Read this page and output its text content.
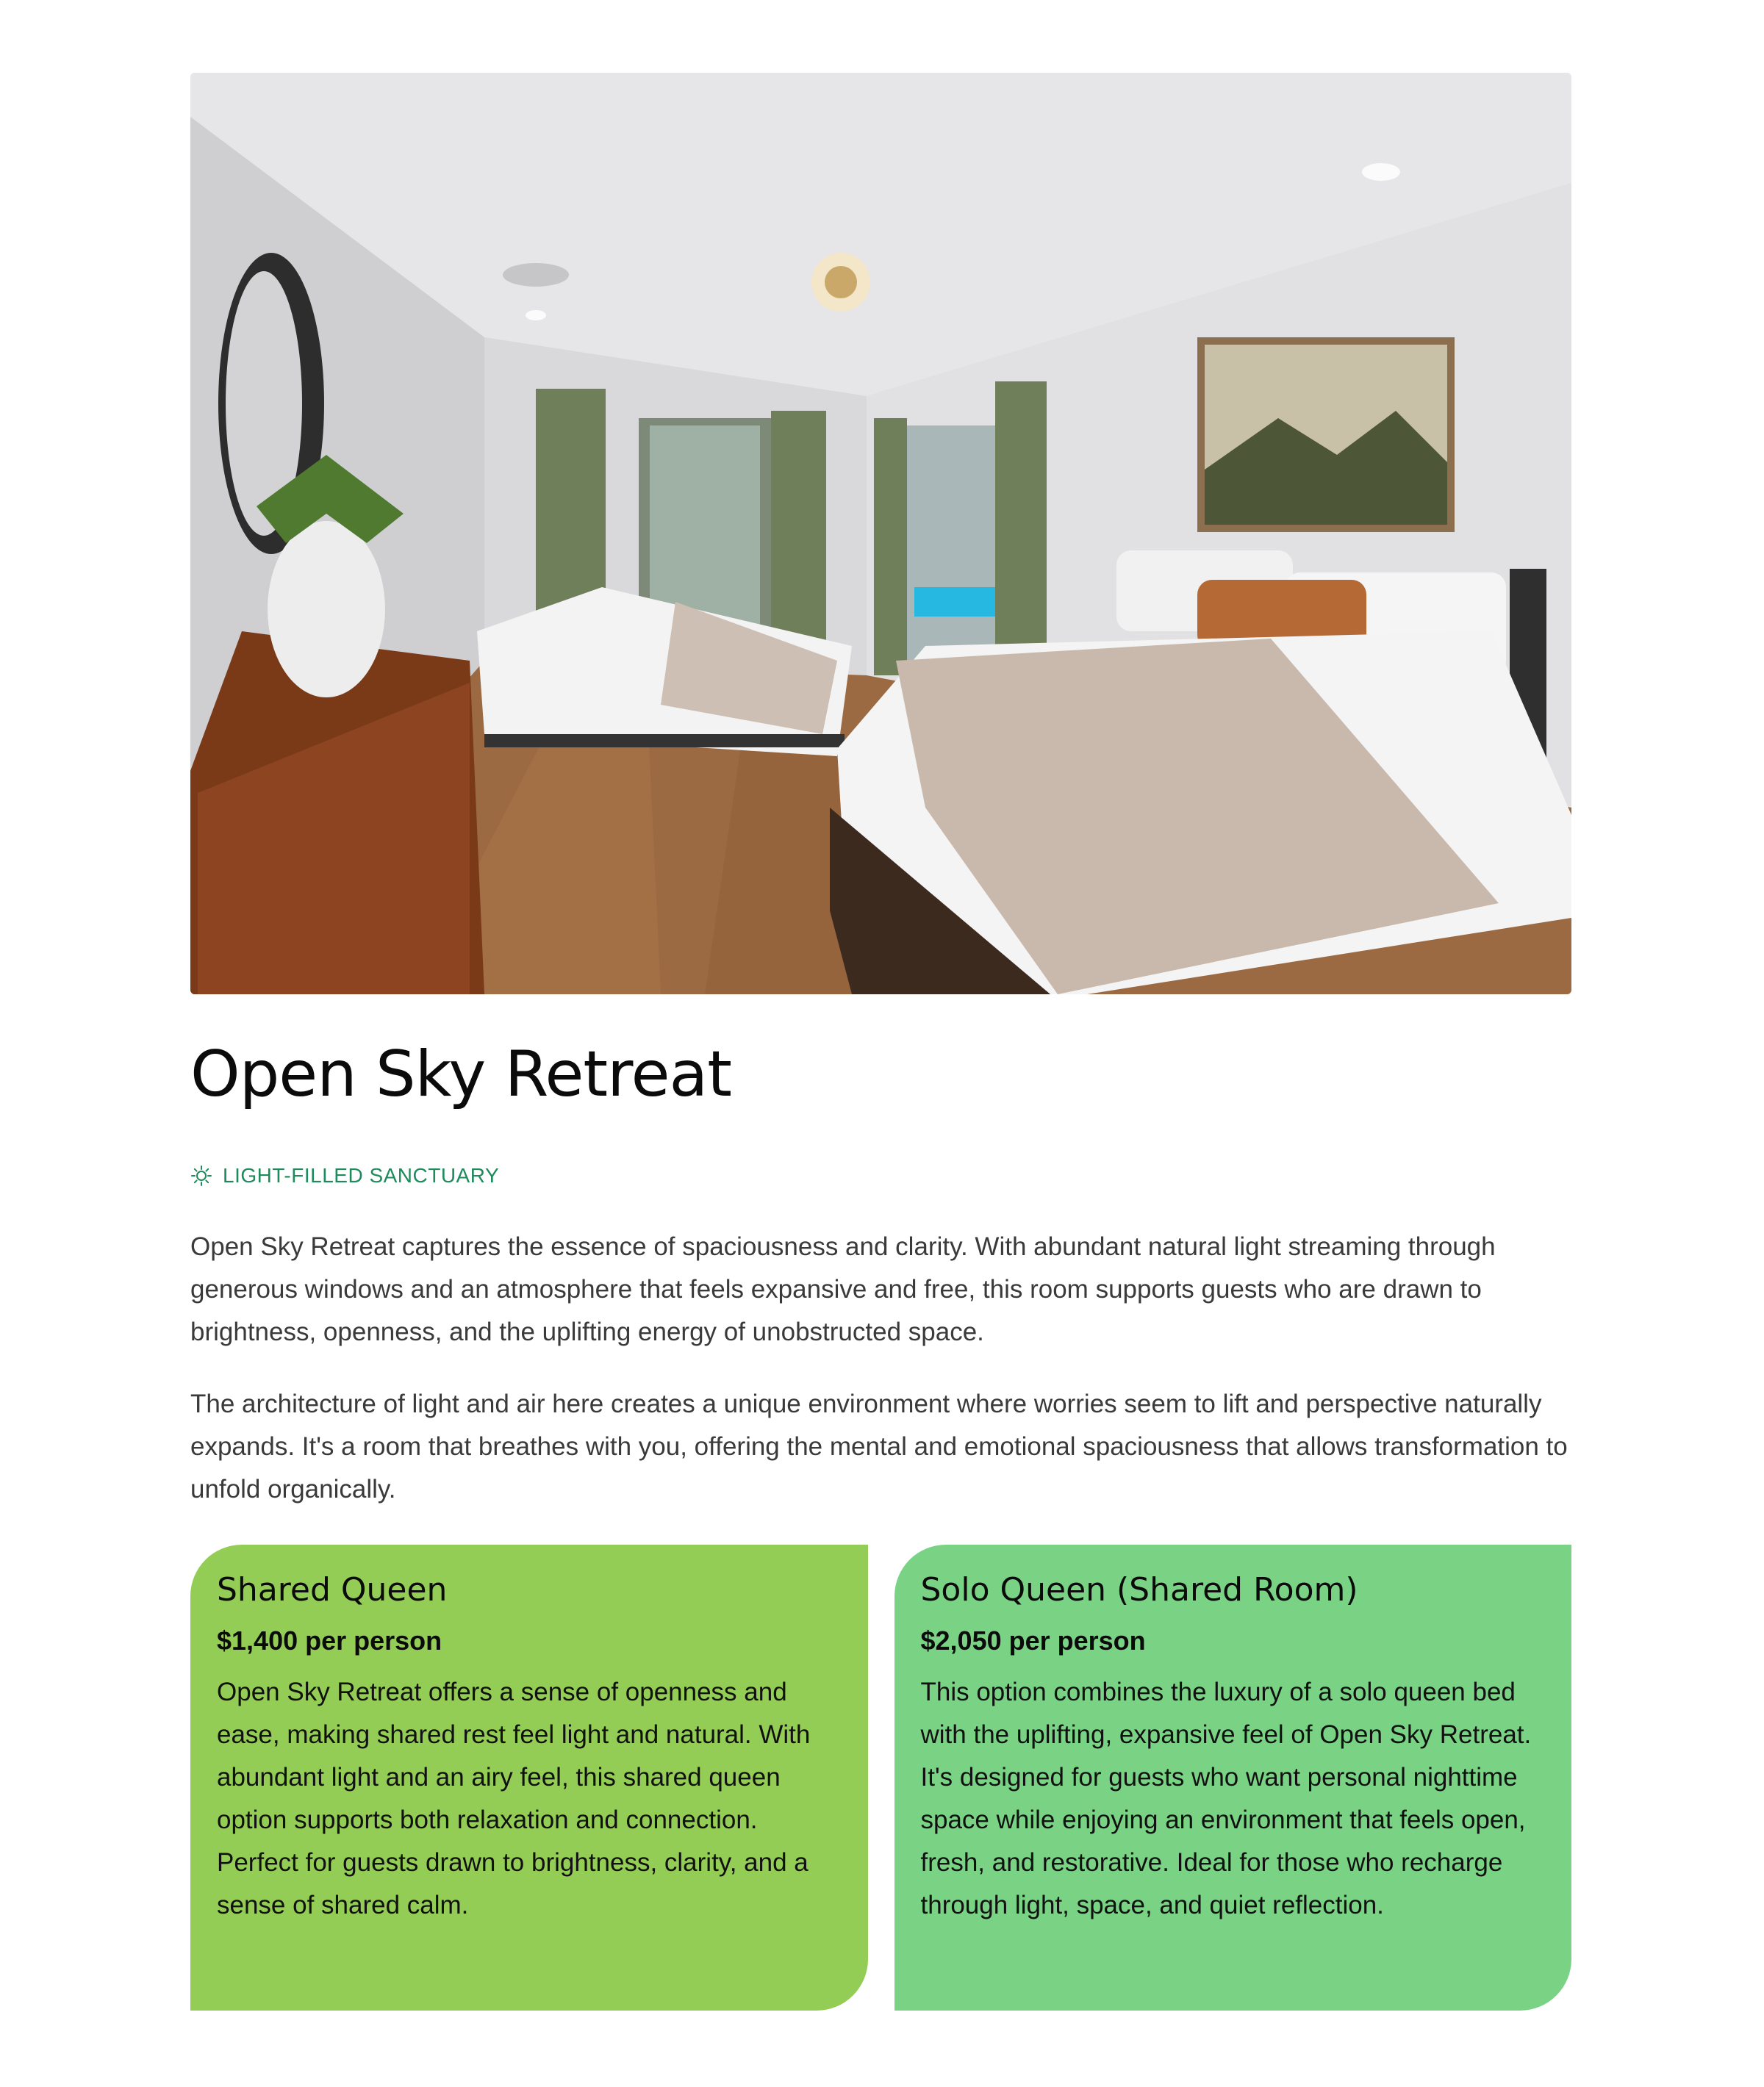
Open Sky Retreat
LIGHT-FILLED SANCTUARY

Open Sky Retreat captures the essence of spaciousness and clarity. With abundant natural light streaming through generous windows and an atmosphere that feels expansive and free, this room supports guests who are drawn to brightness, openness, and the uplifting energy of unobstructed space.

The architecture of light and air here creates a unique environment where worries seem to lift and perspective naturally expands. It's a room that breathes with you, offering the mental and emotional spaciousness that allows transformation to unfold organically.

Shared Queen
$1,400 per person

Open Sky Retreat offers a sense of openness and ease, making shared rest feel light and natural. With abundant light and an airy feel, this shared queen option supports both relaxation and connection. Perfect for guests drawn to brightness, clarity, and a sense of shared calm.

Solo Queen (Shared Room)
$2,050 per person

This option combines the luxury of a solo queen bed with the uplifting, expansive feel of Open Sky Retreat. It's designed for guests who want personal nighttime space while enjoying an environment that feels open, fresh, and restorative. Ideal for those who recharge through light, space, and quiet reflection.
